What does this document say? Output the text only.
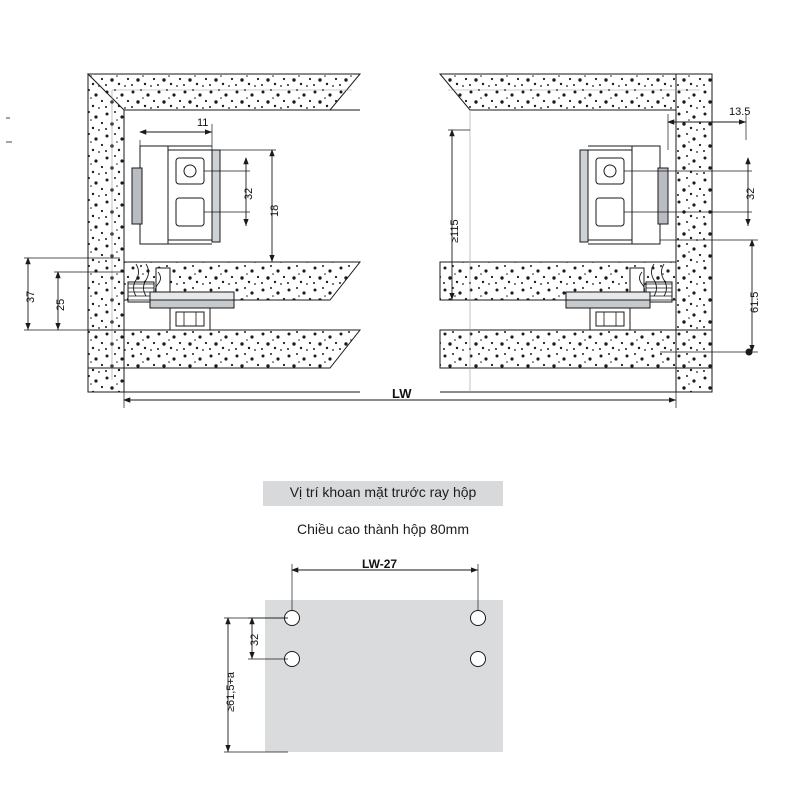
11
32
18
37
25
13.5
≥115
32
61.5
LW
Vị trí khoan mặt trước ray hộp
Chiều cao thành hộp 80mm
LW-27
32
≥61,5+a
